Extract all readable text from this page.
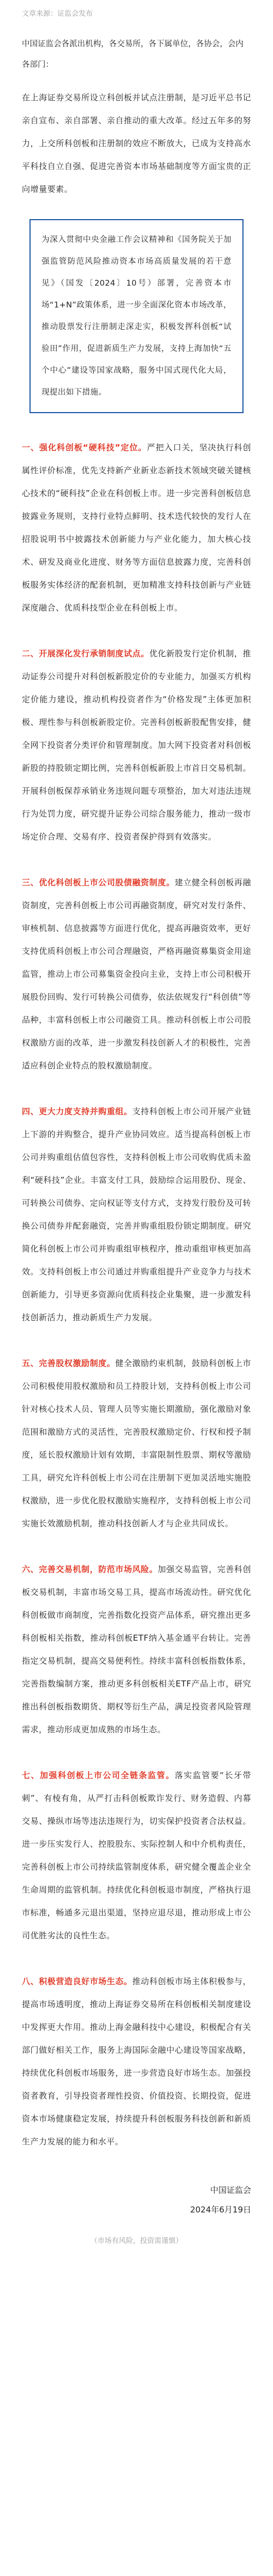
文章来源：证监会发布

中国证监会各派出机构，各交易所，各下属单位，各协会，会内各部门：

在上海证券交易所设立科创板并试点注册制，是习近平总书记亲自宣布、亲自部署、亲自推动的重大改革。经过五年多的努力，上交所科创板和注册制的效应不断放大，已成为支持高水平科技自立自强、促进完善资本市场基础制度等方面宝贵的正向增量要素。

为深入贯彻中央金融工作会议精神和《国务院关于加强监管防范风险推动资本市场高质量发展的若干意见》（国发〔2024〕10号）部署，完善资本市场“1+N”政策体系，进一步全面深化资本市场改革，推动股票发行注册制走深走实，积极发挥科创板“试验田”作用，促进新质生产力发展，支持上海加快“五个中心”建设等国家战略，服务中国式现代化大局，现提出如下措施。

一、强化科创板“硬科技”定位。严把入口关，坚决执行科创属性评价标准，优先支持新产业新业态新技术领域突破关键核心技术的“硬科技”企业在科创板上市。进一步完善科创板信息披露业务规则，支持行业特点鲜明、技术迭代较快的发行人在招股说明书中披露技术创新能力与产业化能力，加大核心技术、研发及商业化进度、财务等方面信息披露力度，完善科创板服务实体经济的配套机制，更加精准支持科技创新与产业链深度融合、优质科技型企业在科创板上市。

二、开展深化发行承销制度试点。优化新股发行定价机制，推动证券公司提升对科创板新股定价的专业能力，加强买方机构定价能力建设，推动机构投资者作为“价格发现”主体更加积极、理性参与科创板新股定价。完善科创板新股配售安排，健全网下投资者分类评价和管理制度。加大网下投资者对科创板新股的持股锁定期比例，完善科创板新股上市首日交易机制。开展科创板保荐承销业务违规问题专项整治，加大对违法违规行为处罚力度，研究提升证券公司综合服务能力，推动一级市场定价合理、交易有序、投资者保护得到有效落实。

三、优化科创板上市公司股债融资制度。建立健全科创板再融资制度，完善科创板上市公司再融资制度，研究对发行条件、审核机制、信息披露等方面进行优化，提高再融资效率，更好支持优质科创板上市公司合理融资，严格再融资募集资金用途监管，推动上市公司募集资金投向主业，支持上市公司积极开展股份回购、发行可转换公司债券，依法依规发行“科创债”等品种，丰富科创板上市公司融资工具。推动科创板上市公司股权激励方面的改革，进一步激发科技创新人才的积极性，完善适应科创企业特点的股权激励制度。

四、更大力度支持并购重组。支持科创板上市公司开展产业链上下游的并购整合，提升产业协同效应。适当提高科创板上市公司并购重组估值包容性，支持科创板上市公司收购优质未盈利“硬科技”企业。丰富支付工具，鼓励综合运用股份、现金、可转换公司债券、定向权证等支付方式，支持发行股份及可转换公司债券并配套融资，完善并购重组股份锁定期制度。研究简化科创板上市公司并购重组审核程序，推动重组审核更加高效。支持科创板上市公司通过并购重组提升产业竞争力与技术创新能力，引导更多资源向优质科技企业集聚，进一步激发科技创新活力，推动新质生产力发展。

五、完善股权激励制度。健全激励约束机制，鼓励科创板上市公司积极使用股权激励和员工持股计划，支持科创板上市公司针对核心技术人员、管理人员等实施长期激励，强化激励对象范围和激励方式的灵活性，完善股权激励定价、行权和授予制度，延长股权激励计划有效期，丰富限制性股票、期权等激励工具，研究允许科创板上市公司在注册制下更加灵活地实施股权激励，进一步优化股权激励实施程序，支持科创板上市公司实施长效激励机制，推动科技创新人才与企业共同成长。

六、完善交易机制，防范市场风险。加强交易监管，完善科创板交易机制，丰富市场交易工具，提高市场流动性。研究优化科创板做市商制度，完善指数化投资产品体系，研究推出更多科创板相关指数，推动科创板ETF纳入基金通平台转让。完善指定交易机制，提高交易便利性。持续丰富科创板指数体系，完善指数编制方案，推动更多科创板相关ETF产品上市，研究推出科创板指数期货、期权等衍生产品，满足投资者风险管理需求，推动形成更加成熟的市场生态。

七、加强科创板上市公司全链条监管。落实监管要“长牙带刺”、有棱有角，从严打击科创板欺诈发行、财务造假、内幕交易、操纵市场等违法违规行为，切实保护投资者合法权益。进一步压实发行人、控股股东、实际控制人和中介机构责任，完善科创板上市公司持续监管制度体系，研究健全覆盖企业全生命周期的监管机制。持续优化科创板退市制度，严格执行退市标准，畅通多元退出渠道，坚持应退尽退，推动形成上市公司优胜劣汰的良性生态。

八、积极营造良好市场生态。推动科创板市场主体积极参与，提高市场透明度，推动上海证券交易所在科创板相关制度建设中发挥更大作用。推动上海金融科技中心建设，积极配合有关部门做好相关工作，服务上海国际金融中心建设等国家战略，持续优化科创板市场服务，进一步营造良好市场生态。加强投资者教育，引导投资者理性投资、价值投资、长期投资，促进资本市场健康稳定发展，持续提升科创板服务科技创新和新质生产力发展的能力和水平。

中国证监会
2024年6月19日
（市场有风险，投资需谨慎）
